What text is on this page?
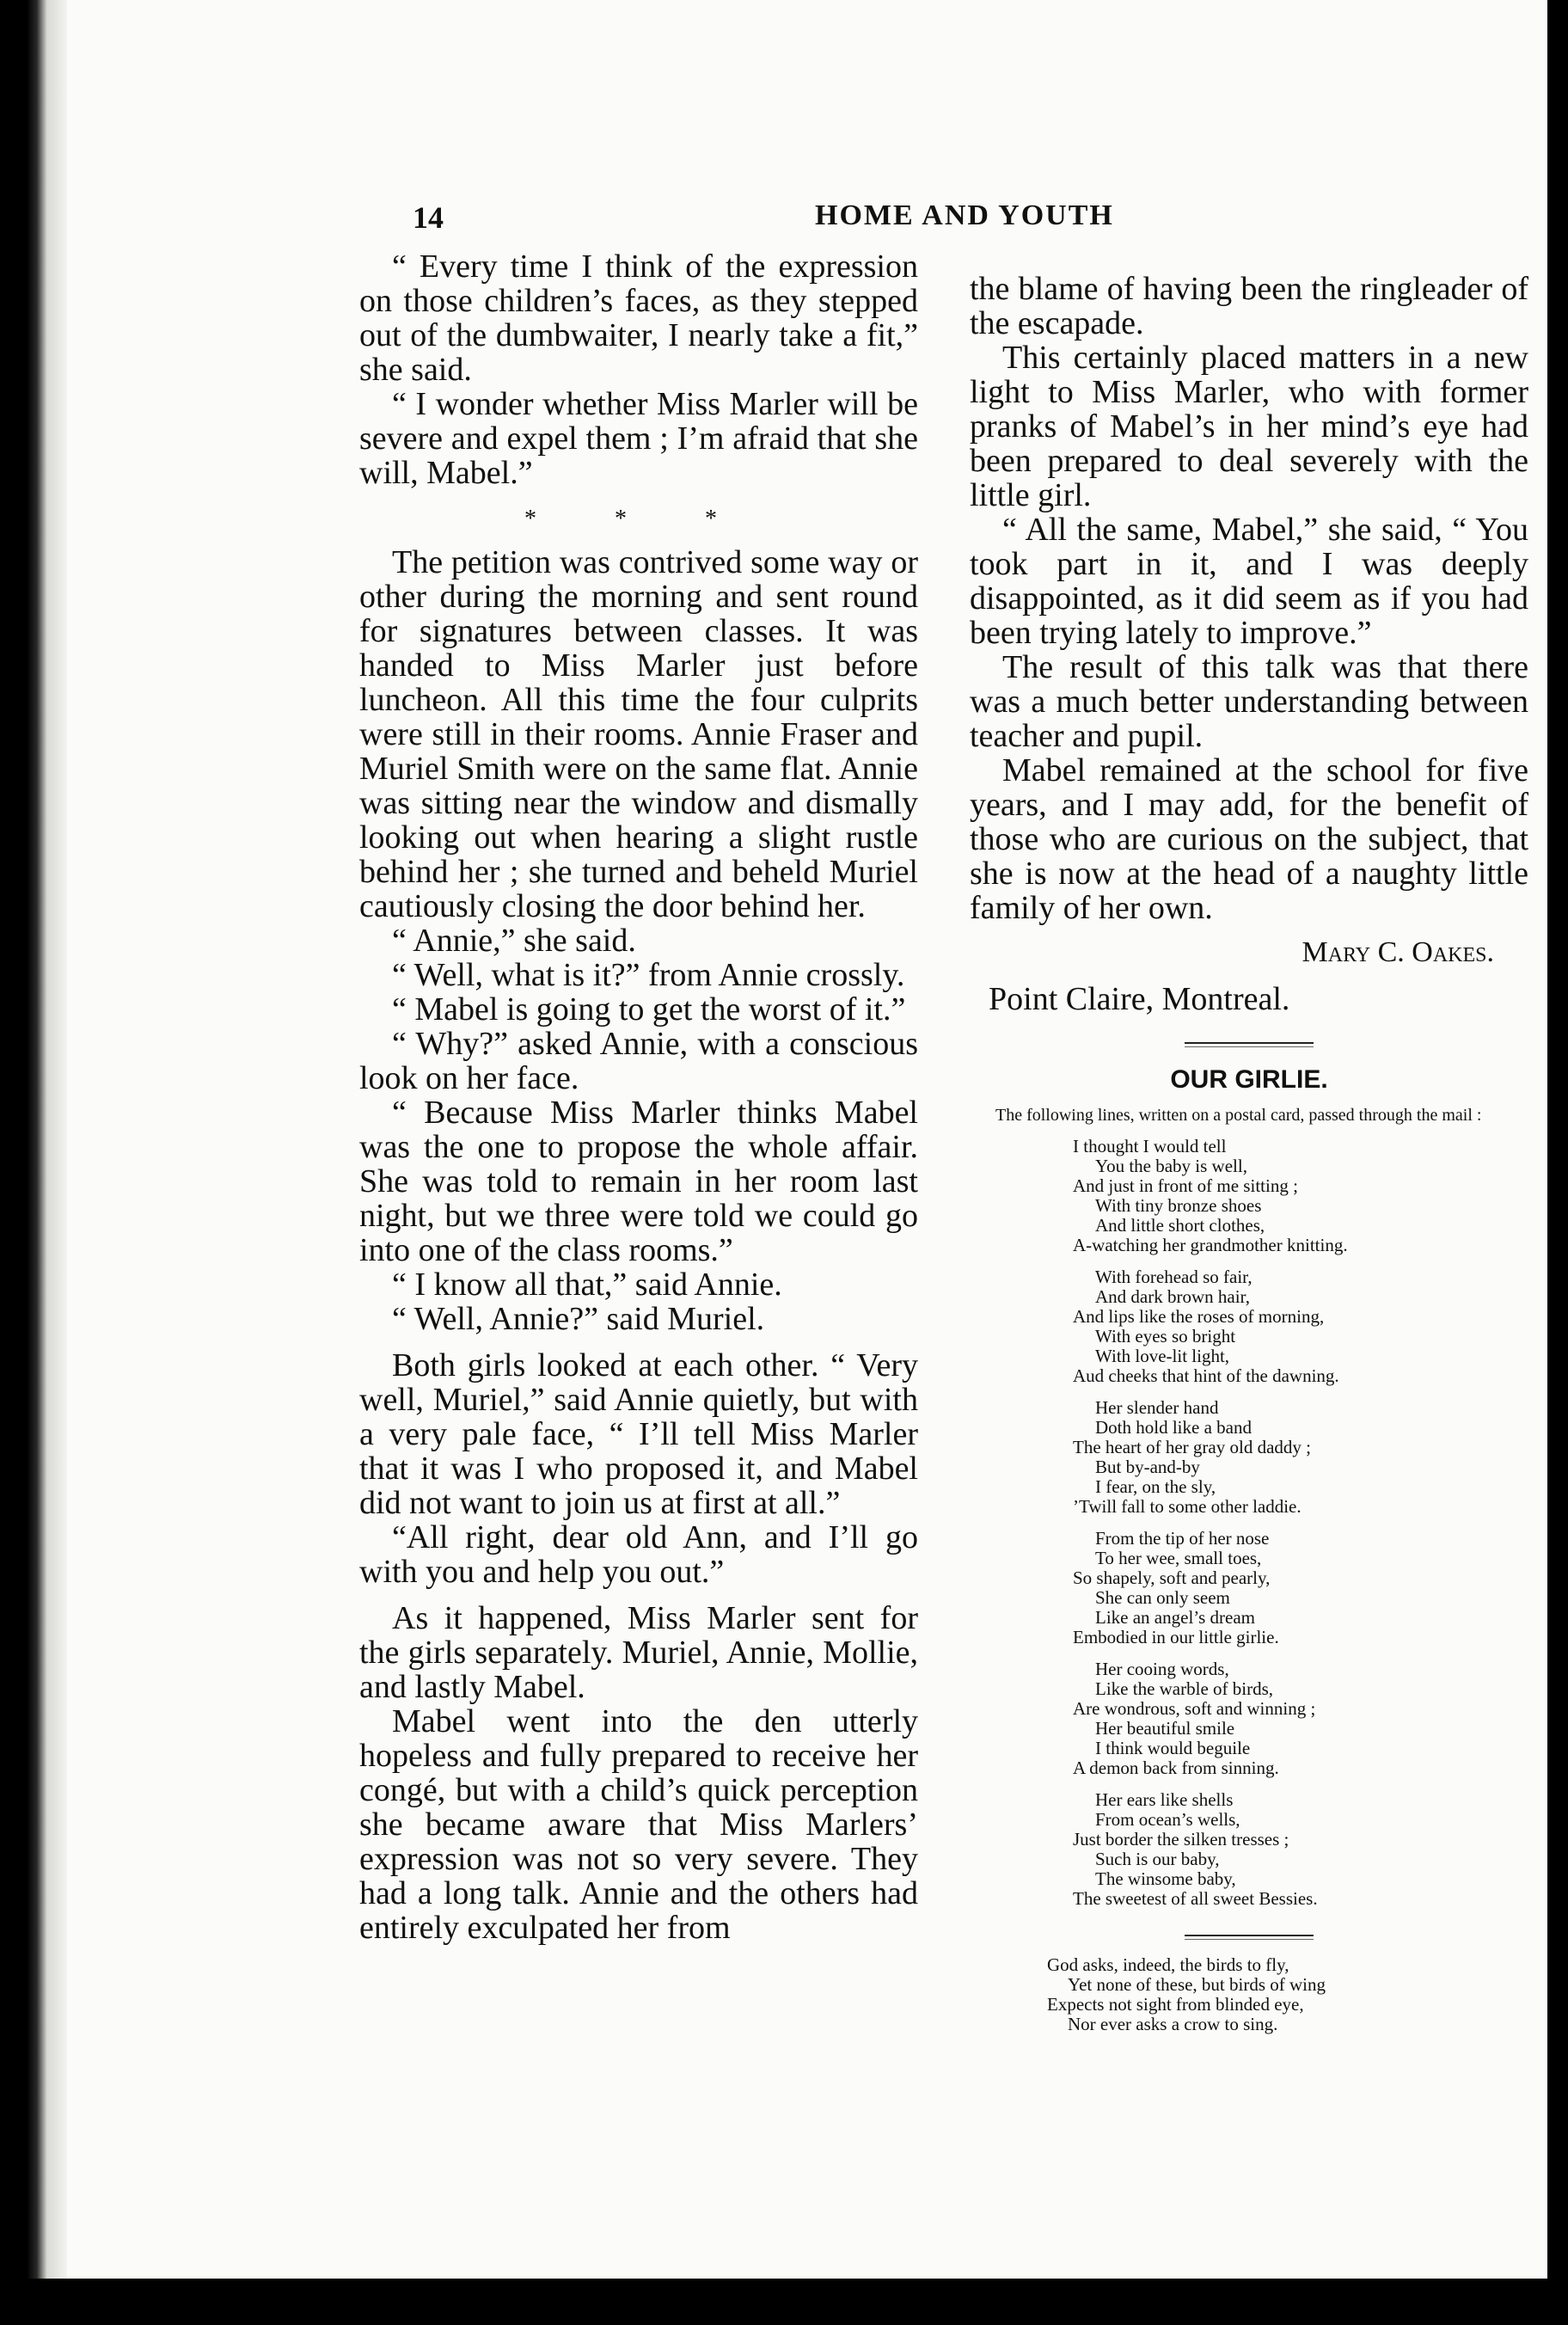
14	HOME AND YOUTH

“ Every time I think of the expression on those children’s faces, as they stepped out of the dumbwaiter, I nearly take a fit,” she said.

“ I wonder whether Miss Marler will be severe and expel them ; I’m afraid that she will, Mabel.”

* * *

The petition was contrived some way or other during the morning and sent round for signatures between classes. It was handed to Miss Marler just before luncheon. All this time the four culprits were still in their rooms. Annie Fraser and Muriel Smith were on the same flat. Annie was sitting near the window and dismally looking out when hearing a slight rustle behind her ; she turned and beheld Muriel cautiously closing the door behind her.

“ Annie,” she said.

“ Well, what is it?” from Annie crossly.

“ Mabel is going to get the worst of it.”

“ Why?” asked Annie, with a conscious look on her face.

“ Because Miss Marler thinks Mabel was the one to propose the whole affair. She was told to remain in her room last night, but we three were told we could go into one of the class rooms.”

“ I know all that,” said Annie.

“ Well, Annie?” said Muriel.

Both girls looked at each other. “ Very well, Muriel,” said Annie quietly, but with a very pale face, “ I’ll tell Miss Marler that it was I who proposed it, and Mabel did not want to join us at first at all.”

“All right, dear old Ann, and I’ll go with you and help you out.”

As it happened, Miss Marler sent for the girls separately. Muriel, Annie, Mollie, and lastly Mabel.

Mabel went into the den utterly hopeless and fully prepared to receive her congé, but with a child’s quick perception she became aware that Miss Marlers’ expression was not so very severe. They had a long talk. Annie and the others had entirely exculpated her from

the blame of having been the ringleader of the escapade.

This certainly placed matters in a new light to Miss Marler, who with former pranks of Mabel’s in her mind’s eye had been prepared to deal severely with the little girl.

“ All the same, Mabel,” she said, “ You took part in it, and I was deeply disappointed, as it did seem as if you had been trying lately to improve.”

The result of this talk was that there was a much better understanding between teacher and pupil.

Mabel remained at the school for five years, and I may add, for the benefit of those who are curious on the subject, that she is now at the head of a naughty little family of her own.

Mary C. Oakes.
Point Claire, Montreal.
OUR GIRLIE.
The following lines, written on a postal card, passed through the mail :
I thought I would tell
You the baby is well,
And just in front of me sitting ;
With tiny bronze shoes
And little short clothes,
A-watching her grandmother knitting.
With forehead so fair,
And dark brown hair,
And lips like the roses of morning,
With eyes so bright
With love-lit light,
Aud cheeks that hint of the dawning.
Her slender hand
Doth hold like a band
The heart of her gray old daddy ;
But by-and-by
I fear, on the sly,
’Twill fall to some other laddie.
From the tip of her nose
To her wee, small toes,
So shapely, soft and pearly,
She can only seem
Like an angel’s dream
Embodied in our little girlie.
Her cooing words,
Like the warble of birds,
Are wondrous, soft and winning ;
Her beautiful smile
I think would beguile
A demon back from sinning.
Her ears like shells
From ocean’s wells,
Just border the silken tresses ;
Such is our baby,
The winsome baby,
The sweetest of all sweet Bessies.
God asks, indeed, the birds to fly,
Yet none of these, but birds of wing
Expects not sight from blinded eye,
Nor ever asks a crow to sing.
